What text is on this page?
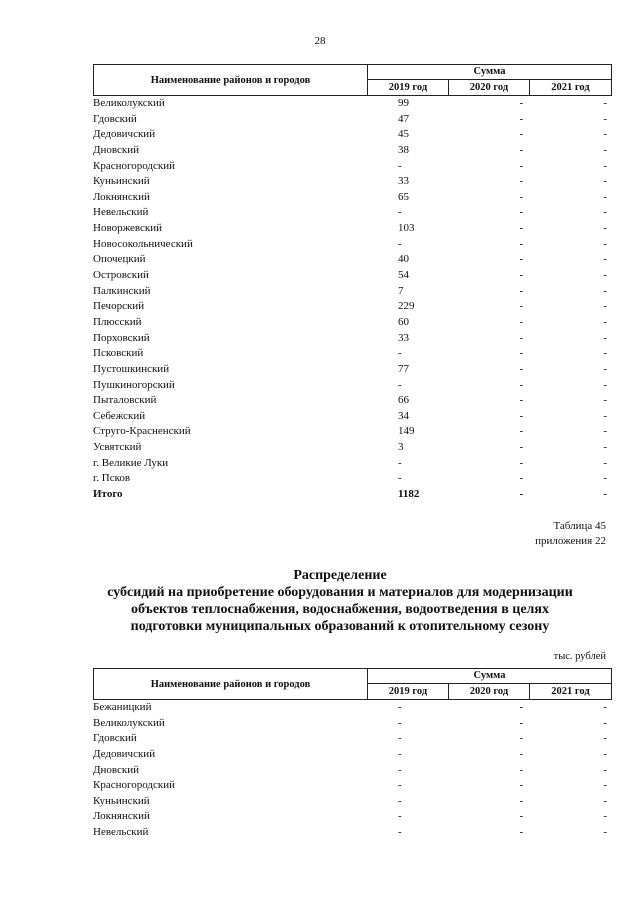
28
Наименование районов и городов
Сумма
2019 год	2020 год	2021 год
Великолукский	99	-	-
Гдовский	47	-	-
Дедовичский	45	-	-
Дновский	38	-	-
Красногородский	-	-	-
Куньинский	33	-	-
Локнянский	65	-	-
Невельский	-	-	-
Новоржевский	103	-	-
Новосокольнический	-	-	-
Опочецкий	40	-	-
Островский	54	-	-
Палкинский	7	-	-
Печорский	229	-	-
Плюсский	60	-	-
Порховский	33	-	-
Псковский	-	-	-
Пустошкинский	77	-	-
Пушкиногорский	-	-	-
Пыталовский	66	-	-
Себежский	34	-	-
Струго-Красненский	149	-	-
Усвятский	3	-	-
г. Великие Луки	-	-	-
г. Псков	-	-	-
Итого	1182	-	-
Таблица 45
приложения 22
Распределение
субсидий на приобретение оборудования и материалов для модернизации
объектов теплоснабжения, водоснабжения, водоотведения в целях
подготовки муниципальных образований к отопительному сезону
тыс. рублей
Наименование районов и городов
Сумма
2019 год	2020 год	2021 год
Бежаницкий	-	-	-
Великолукский	-	-	-
Гдовский	-	-	-
Дедовичский	-	-	-
Дновский	-	-	-
Красногородский	-	-	-
Куньинский	-	-	-
Локнянский	-	-	-
Невельский	-	-	-
